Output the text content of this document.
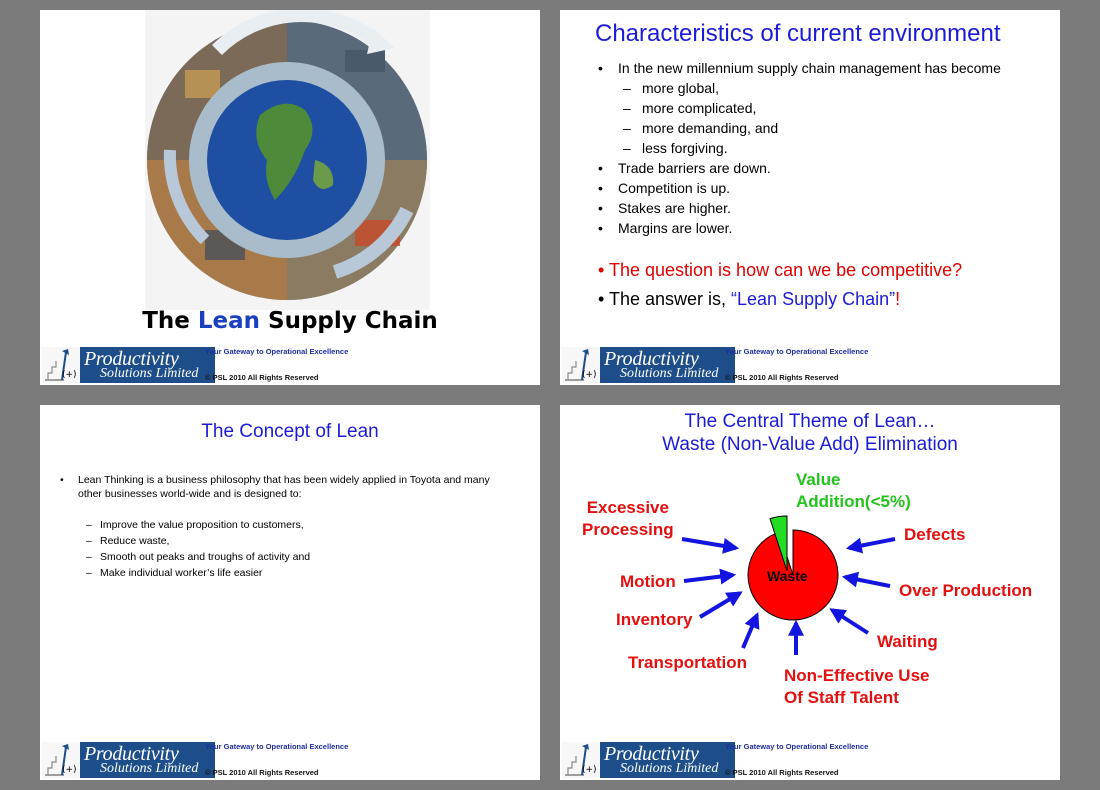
The Lean Supply Chain
(+)
Productivity
Solutions Limited
Your Gateway to Operational Excellence
© PSL 2010 All Rights Reserved
Characteristics of current environment
• In the new millennium supply chain management has become
– more global,
– more complicated,
– more demanding, and
– less forgiving.
• Trade barriers are down.
• Competition is up.
• Stakes are higher.
• Margins are lower.
• The question is how can we be competitive?
• The answer is, “Lean Supply Chain”!
(+)
Productivity
Solutions Limited
Your Gateway to Operational Excellence
© PSL 2010 All Rights Reserved
The Concept of Lean
• Lean Thinking is a business philosophy that has been widely applied in Toyota and many other businesses world-wide and is designed to:
– Improve the value proposition to customers,
– Reduce waste,
– Smooth out peaks and troughs of activity and
– Make individual worker’s life easier
(+)
Productivity
Solutions Limited
Your Gateway to Operational Excellence
© PSL 2010 All Rights Reserved
The Central Theme of Lean…
Waste (Non-Value Add) Elimination
Waste
Value
Addition(<5%)
Excessive
Processing	Defects
Motion	Over Production
Inventory
Waiting
Transportation
Non-Effective Use
Of Staff Talent
(+)
Productivity
Solutions Limited
Your Gateway to Operational Excellence
© PSL 2010 All Rights Reserved
